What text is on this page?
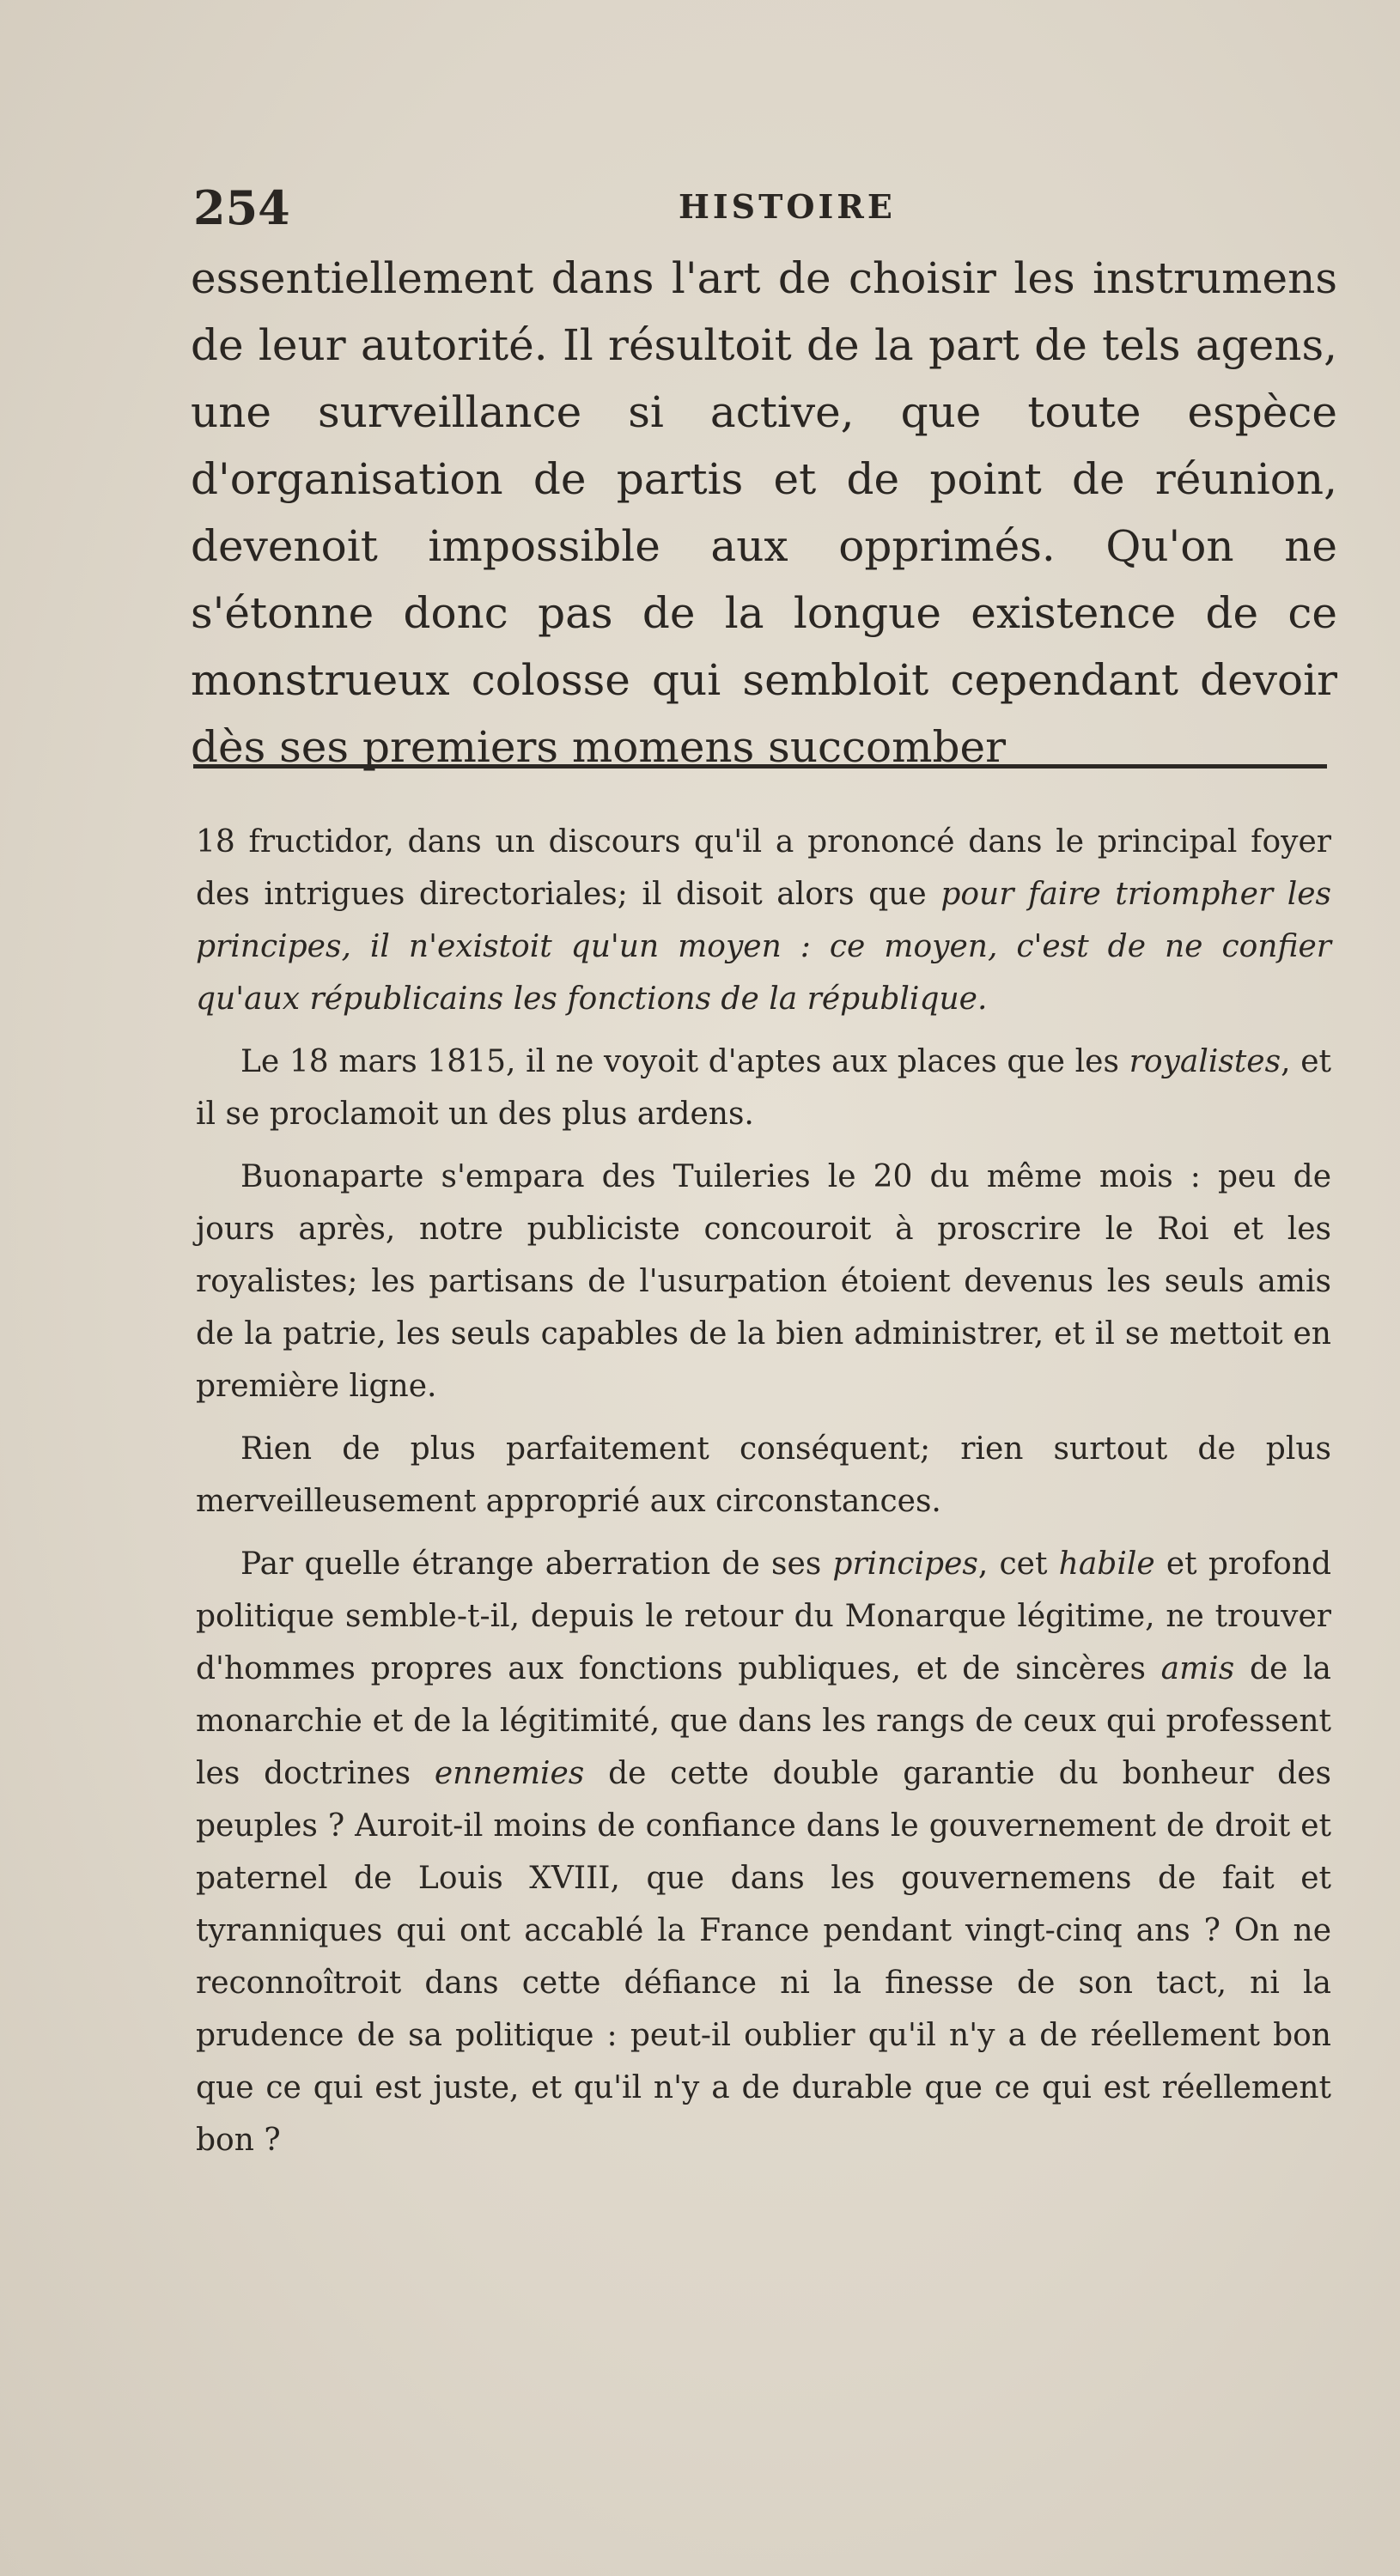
254	HISTOIRE

essentiellement dans l'art de choisir les instrumens de leur autorité. Il résultoit de la part de tels agens, une surveillance si active, que toute espèce d'organisation de partis et de point de réunion, devenoit impossible aux opprimés. Qu'on ne s'étonne donc pas de la longue existence de ce monstrueux colosse qui sembloit cependant devoir dès ses premiers momens succomber

18 fructidor, dans un discours qu'il a prononcé dans le principal foyer des intrigues directoriales; il disoit alors que pour faire triompher les principes, il n'existoit qu'un moyen : ce moyen, c'est de ne confier qu'aux républicains les fonctions de la république.

Le 18 mars 1815, il ne voyoit d'aptes aux places que les royalistes, et il se proclamoit un des plus ardens.

Buonaparte s'empara des Tuileries le 20 du même mois : peu de jours après, notre publiciste concouroit à proscrire le Roi et les royalistes; les partisans de l'usurpation étoient devenus les seuls amis de la patrie, les seuls capables de la bien administrer, et il se mettoit en première ligne.

Rien de plus parfaitement conséquent; rien surtout de plus merveilleusement approprié aux circonstances.

Par quelle étrange aberration de ses principes, cet habile et profond politique semble-t-il, depuis le retour du Monarque légitime, ne trouver d'hommes propres aux fonctions publiques, et de sincères amis de la monarchie et de la légitimité, que dans les rangs de ceux qui professent les doctrines ennemies de cette double garantie du bonheur des peuples ? Auroit-il moins de confiance dans le gouvernement de droit et paternel de Louis XVIII, que dans les gouvernemens de fait et tyranniques qui ont accablé la France pendant vingt-cinq ans ? On ne reconnoîtroit dans cette défiance ni la finesse de son tact, ni la prudence de sa politique : peut-il oublier qu'il n'y a de réellement bon que ce qui est juste, et qu'il n'y a de durable que ce qui est réellement bon ?
